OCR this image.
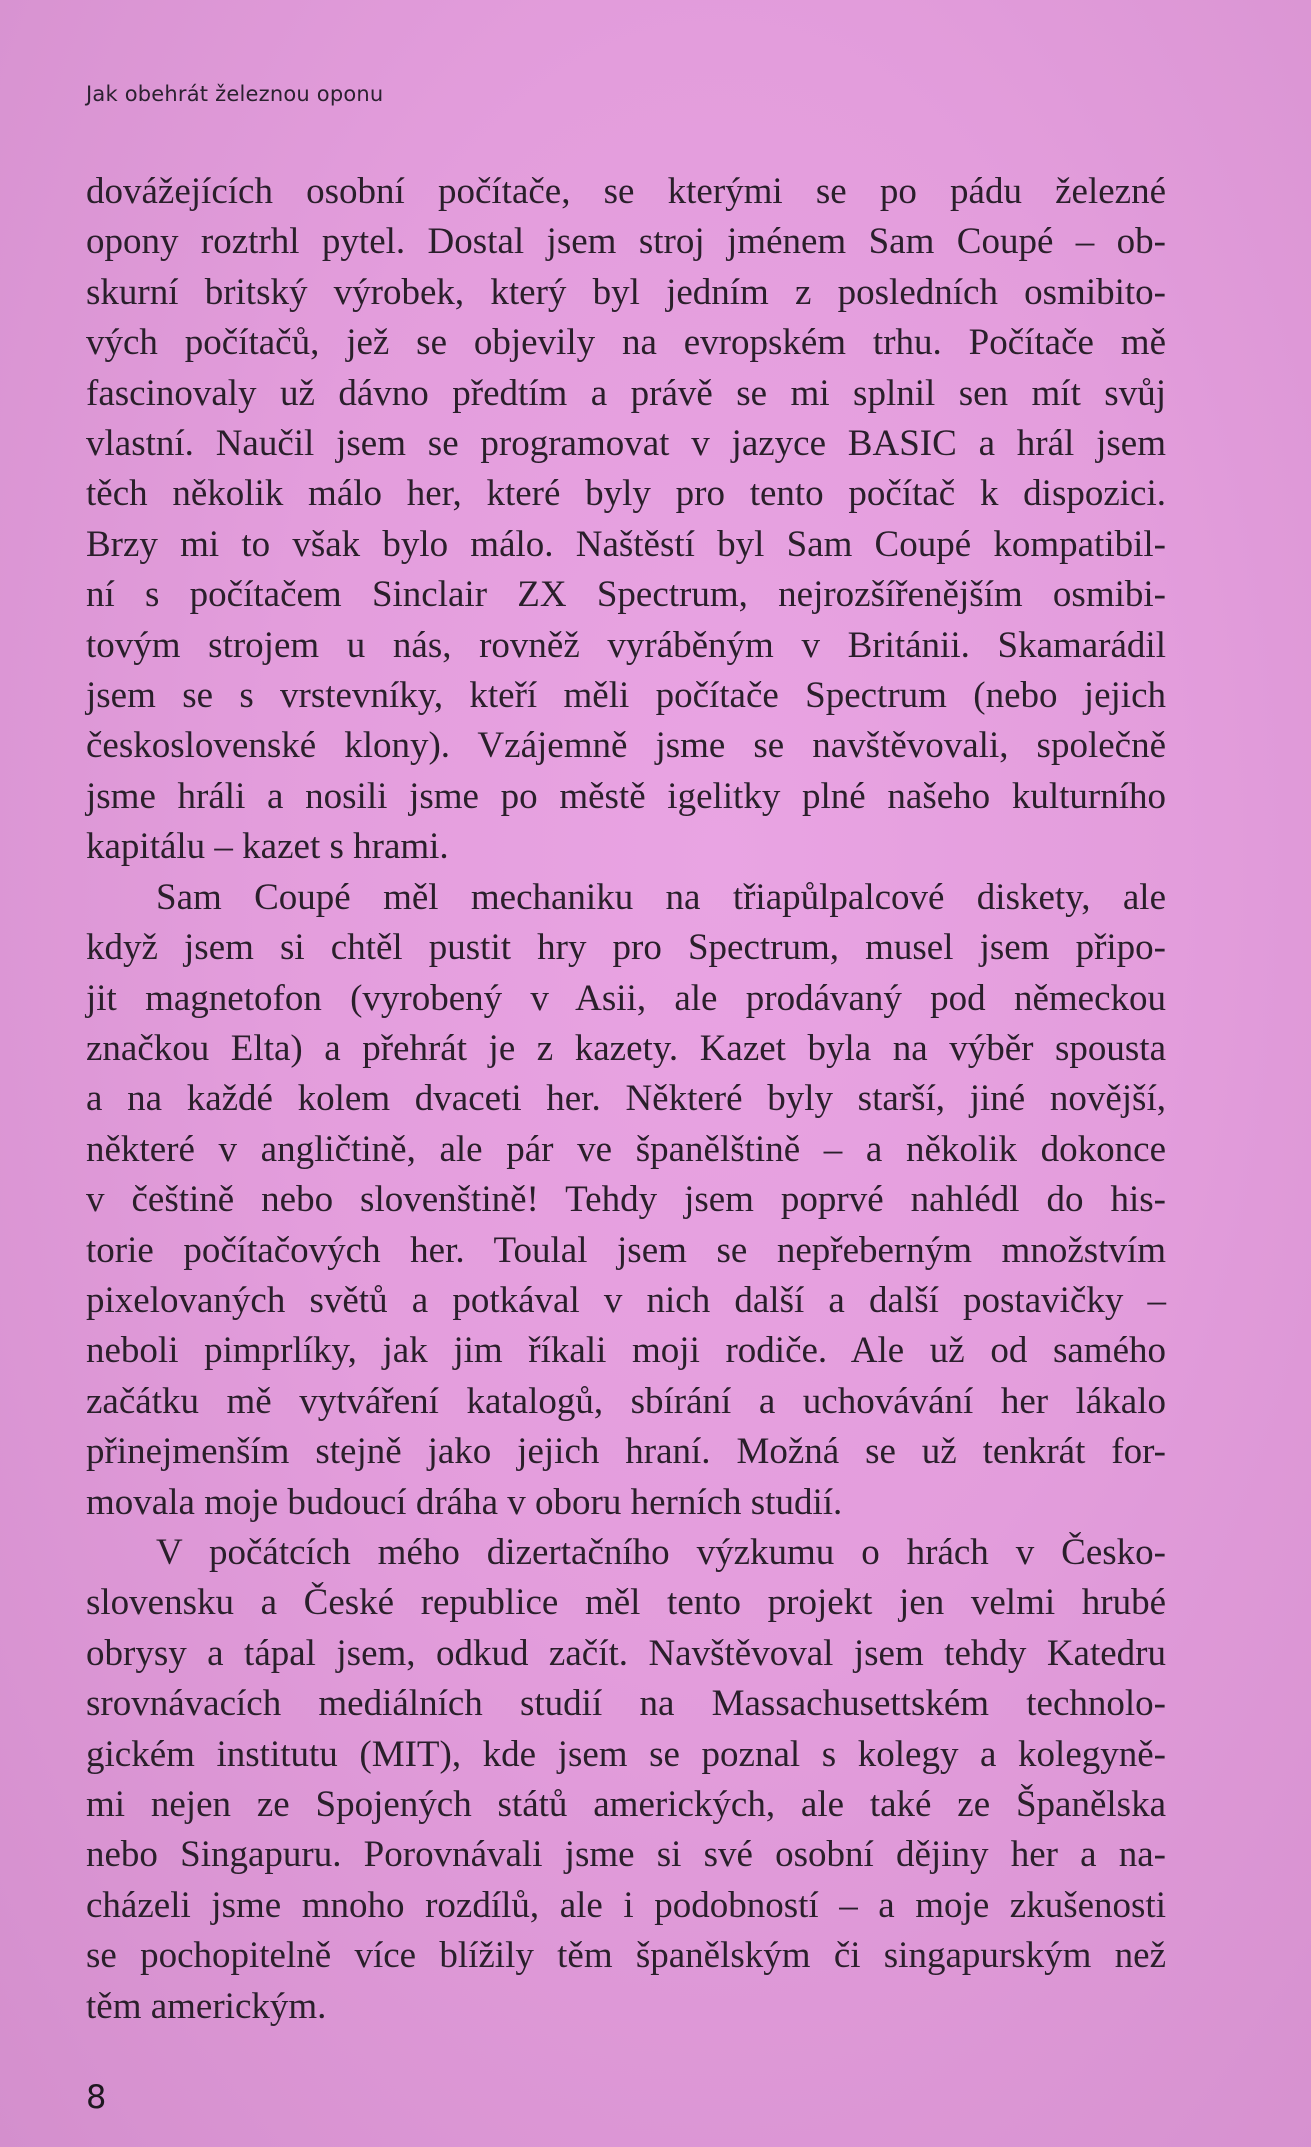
Jak obehrát železnou oponu
dovážejících osobní počítače, se kterými se po pádu železné
opony roztrhl pytel. Dostal jsem stroj jménem Sam Coupé – ob-
skurní britský výrobek, který byl jedním z posledních osmibito-
vých počítačů, jež se objevily na evropském trhu. Počítače mě
fascinovaly už dávno předtím a právě se mi splnil sen mít svůj
vlastní. Naučil jsem se programovat v jazyce BASIC a hrál jsem
těch několik málo her, které byly pro tento počítač k dispozici.
Brzy mi to však bylo málo. Naštěstí byl Sam Coupé kompatibil-
ní s počítačem Sinclair ZX Spectrum, nejrozšířenějším osmibi-
tovým strojem u nás, rovněž vyráběným v Británii. Skamarádil
jsem se s vrstevníky, kteří měli počítače Spectrum (nebo jejich
československé klony). Vzájemně jsme se navštěvovali, společně
jsme hráli a nosili jsme po městě igelitky plné našeho kulturního
kapitálu – kazet s hrami.
Sam Coupé měl mechaniku na třiapůlpalcové diskety, ale
když jsem si chtěl pustit hry pro Spectrum, musel jsem připo-
jit magnetofon (vyrobený v Asii, ale prodávaný pod německou
značkou Elta) a přehrát je z kazety. Kazet byla na výběr spousta
a na každé kolem dvaceti her. Některé byly starší, jiné novější,
některé v angličtině, ale pár ve španělštině – a několik dokonce
v češtině nebo slovenštině! Tehdy jsem poprvé nahlédl do his-
torie počítačových her. Toulal jsem se nepřeberným množstvím
pixelovaných světů a potkával v nich další a další postavičky –
neboli pimprlíky, jak jim říkali moji rodiče. Ale už od samého
začátku mě vytváření katalogů, sbírání a uchovávání her lákalo
přinejmenším stejně jako jejich hraní. Možná se už tenkrát for-
movala moje budoucí dráha v oboru herních studií.
V počátcích mého dizertačního výzkumu o hrách v Česko-
slovensku a České republice měl tento projekt jen velmi hrubé
obrysy a tápal jsem, odkud začít. Navštěvoval jsem tehdy Katedru
srovnávacích mediálních studií na Massachusettském technolo-
gickém institutu (MIT), kde jsem se poznal s kolegy a kolegyně-
mi nejen ze Spojených států amerických, ale také ze Španělska
nebo Singapuru. Porovnávali jsme si své osobní dějiny her a na-
cházeli jsme mnoho rozdílů, ale i podobností – a moje zkušenosti
se pochopitelně více blížily těm španělským či singapurským než
těm americkým.
8
